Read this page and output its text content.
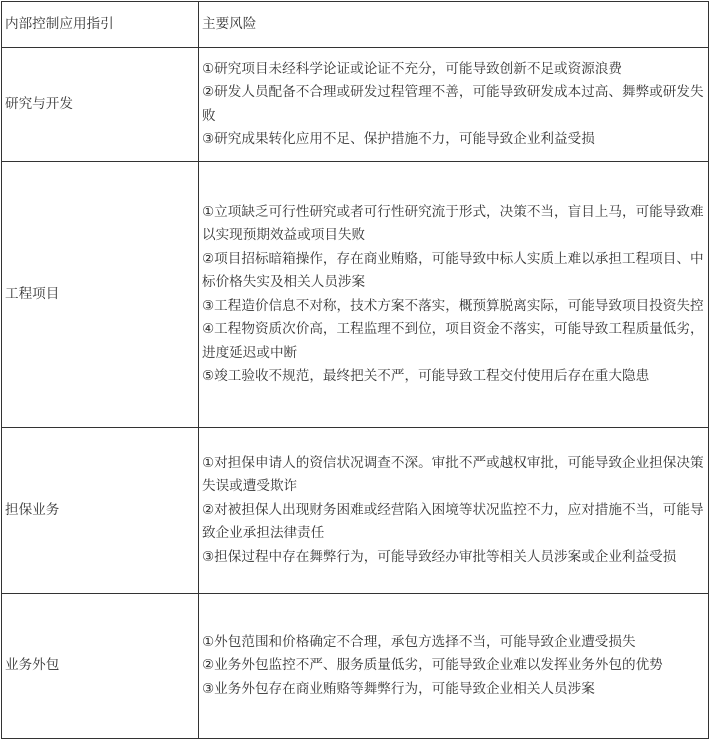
内部控制应用指引	主要风险
研究与开发	①研究项目未经科学论证或论证不充分，可能导致创新不足或资源浪费
②研发人员配备不合理或研发过程管理不善，可能导致研发成本过高、舞弊或研发失败
③研究成果转化应用不足、保护措施不力，可能导致企业利益受损

工程项目	①立项缺乏可行性研究或者可行性研究流于形式，决策不当，盲目上马，可能导致难以实现预期效益或项目失败
②项目招标暗箱操作，存在商业贿赂，可能导致中标人实质上难以承担工程项目、中标价格失实及相关人员涉案
③工程造价信息不对称，技术方案不落实，概预算脱离实际，可能导致项目投资失控
④工程物资质次价高，工程监理不到位，项目资金不落实，可能导致工程质量低劣，进度延迟或中断
⑤竣工验收不规范，最终把关不严，可能导致工程交付使用后存在重大隐患

担保业务	①对担保申请人的资信状况调查不深。审批不严或越权审批，可能导致企业担保决策失误或遭受欺诈
②对被担保人出现财务困难或经营陷入困境等状况监控不力，应对措施不当，可能导致企业承担法律责任
③担保过程中存在舞弊行为，可能导致经办审批等相关人员涉案或企业利益受损

业务外包	①外包范围和价格确定不合理，承包方选择不当，可能导致企业遭受损失
②业务外包监控不严、服务质量低劣，可能导致企业难以发挥业务外包的优势
③业务外包存在商业贿赂等舞弊行为，可能导致企业相关人员涉案
